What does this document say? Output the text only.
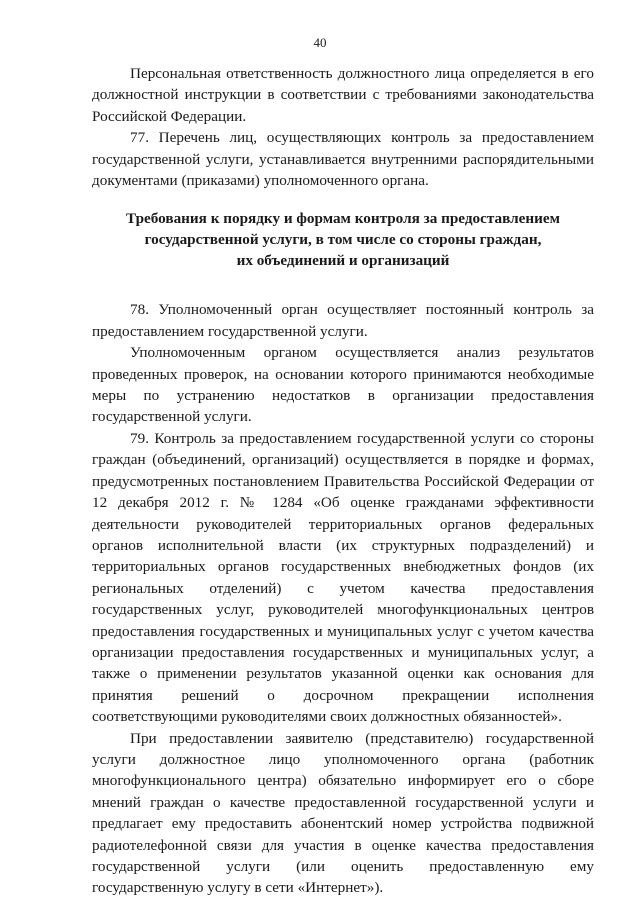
40

Персональная ответственность должностного лица определяется в его должностной инструкции в соответствии с требованиями законодательства Российской Федерации.

77. Перечень лиц, осуществляющих контроль за предоставлением государственной услуги, устанавливается внутренними распорядительными документами (приказами) уполномоченного органа.

Требования к порядку и формам контроля за предоставлением
государственной услуги, в том числе со стороны граждан,
их объединений и организаций

78. Уполномоченный орган осуществляет постоянный контроль за предоставлением государственной услуги.

Уполномоченным органом осуществляется анализ результатов проведенных проверок, на основании которого принимаются необходимые меры по устранению недостатков в организации предоставления государственной услуги.

79. Контроль за предоставлением государственной услуги со стороны граждан (объединений, организаций) осуществляется в порядке и формах, предусмотренных постановлением Правительства Российской Федерации от 12 декабря 2012 г. № 1284 «Об оценке гражданами эффективности деятельности руководителей территориальных органов федеральных органов исполнительной власти (их структурных подразделений) и территориальных органов государственных внебюджетных фондов (их региональных отделений) с учетом качества предоставления государственных услуг, руководителей многофункциональных центров предоставления государственных и муниципальных услуг с учетом качества организации предоставления государственных и муниципальных услуг, а также о применении результатов указанной оценки как основания для принятия решений о досрочном прекращении исполнения соответствующими руководителями своих должностных обязанностей».

При предоставлении заявителю (представителю) государственной услуги должностное лицо уполномоченного органа (работник многофункционального центра) обязательно информирует его о сборе мнений граждан о качестве предоставленной государственной услуги и предлагает ему предоставить абонентский номер устройства подвижной радиотелефонной связи для участия в оценке качества предоставления государственной услуги (или оценить предоставленную ему государственную услугу в сети «Интернет»).
